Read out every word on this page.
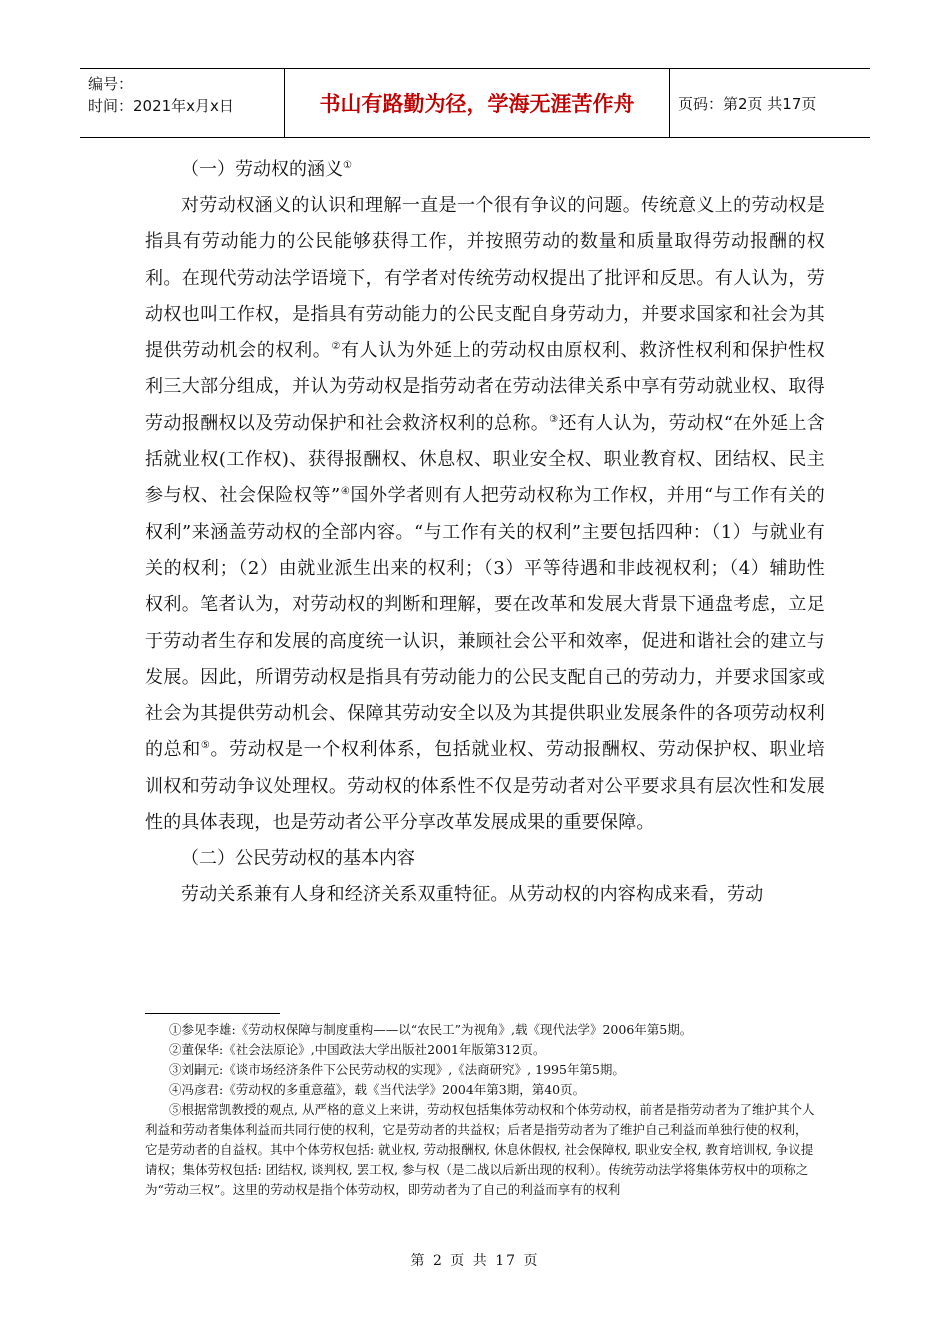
编号：
时间：2021年x月x日	书山有路勤为径，学海无涯苦作舟	页码：第2页 共17页

（一）劳动权的涵义①

对劳动权涵义的认识和理解一直是一个很有争议的问题。传统意义上的劳动权是指具有劳动能力的公民能够获得工作，并按照劳动的数量和质量取得劳动报酬的权利。在现代劳动法学语境下，有学者对传统劳动权提出了批评和反思。有人认为，劳动权也叫工作权，是指具有劳动能力的公民支配自身劳动力，并要求国家和社会为其提供劳动机会的权利。②有人认为外延上的劳动权由原权利、救济性权利和保护性权利三大部分组成，并认为劳动权是指劳动者在劳动法律关系中享有劳动就业权、取得劳动报酬权以及劳动保护和社会救济权利的总称。③还有人认为，劳动权“在外延上含括就业权(工作权)、获得报酬权、休息权、职业安全权、职业教育权、团结权、民主参与权、社会保险权等”④国外学者则有人把劳动权称为工作权，并用“与工作有关的权利”来涵盖劳动权的全部内容。“与工作有关的权利”主要包括四种：（1）与就业有关的权利；（2）由就业派生出来的权利；（3）平等待遇和非歧视权利；（4）辅助性权利。笔者认为，对劳动权的判断和理解，要在改革和发展大背景下通盘考虑，立足于劳动者生存和发展的高度统一认识，兼顾社会公平和效率，促进和谐社会的建立与发展。因此，所谓劳动权是指具有劳动能力的公民支配自己的劳动力，并要求国家或社会为其提供劳动机会、保障其劳动安全以及为其提供职业发展条件的各项劳动权利的总和⑤。劳动权是一个权利体系，包括就业权、劳动报酬权、劳动保护权、职业培训权和劳动争议处理权。劳动权的体系性不仅是劳动者对公平要求具有层次性和发展性的具体表现，也是劳动者公平分享改革发展成果的重要保障。

（二）公民劳动权的基本内容

劳动关系兼有人身和经济关系双重特征。从劳动权的内容构成来看，劳动

①参见李雄:《劳动权保障与制度重构——以“农民工”为视角》,载《现代法学》2006年第5期。

②董保华:《社会法原论》,中国政法大学出版社2001年版第312页。

③刘嗣元:《谈市场经济条件下公民劳动权的实现》,《法商研究》, 1995年第5期。

④冯彦君:《劳动权的多重意蕴》，载《当代法学》2004年第3期，第40页。

⑤根据常凯教授的观点, 从严格的意义上来讲，劳动权包括集体劳动权和个体劳动权，前者是指劳动者为了维护其个人利益和劳动者集体利益而共同行使的权利，它是劳动者的共益权；后者是指劳动者为了维护自己利益而单独行使的权利，它是劳动者的自益权。其中个体劳权包括: 就业权, 劳动报酬权, 休息休假权, 社会保障权, 职业安全权, 教育培训权, 争议提请权；集体劳权包括: 团结权, 谈判权, 罢工权, 参与权（是二战以后新出现的权利）。传统劳动法学将集体劳权中的项称之为“劳动三权”。这里的劳动权是指个体劳动权，即劳动者为了自己的利益而享有的权利

第 2 页 共 17 页
